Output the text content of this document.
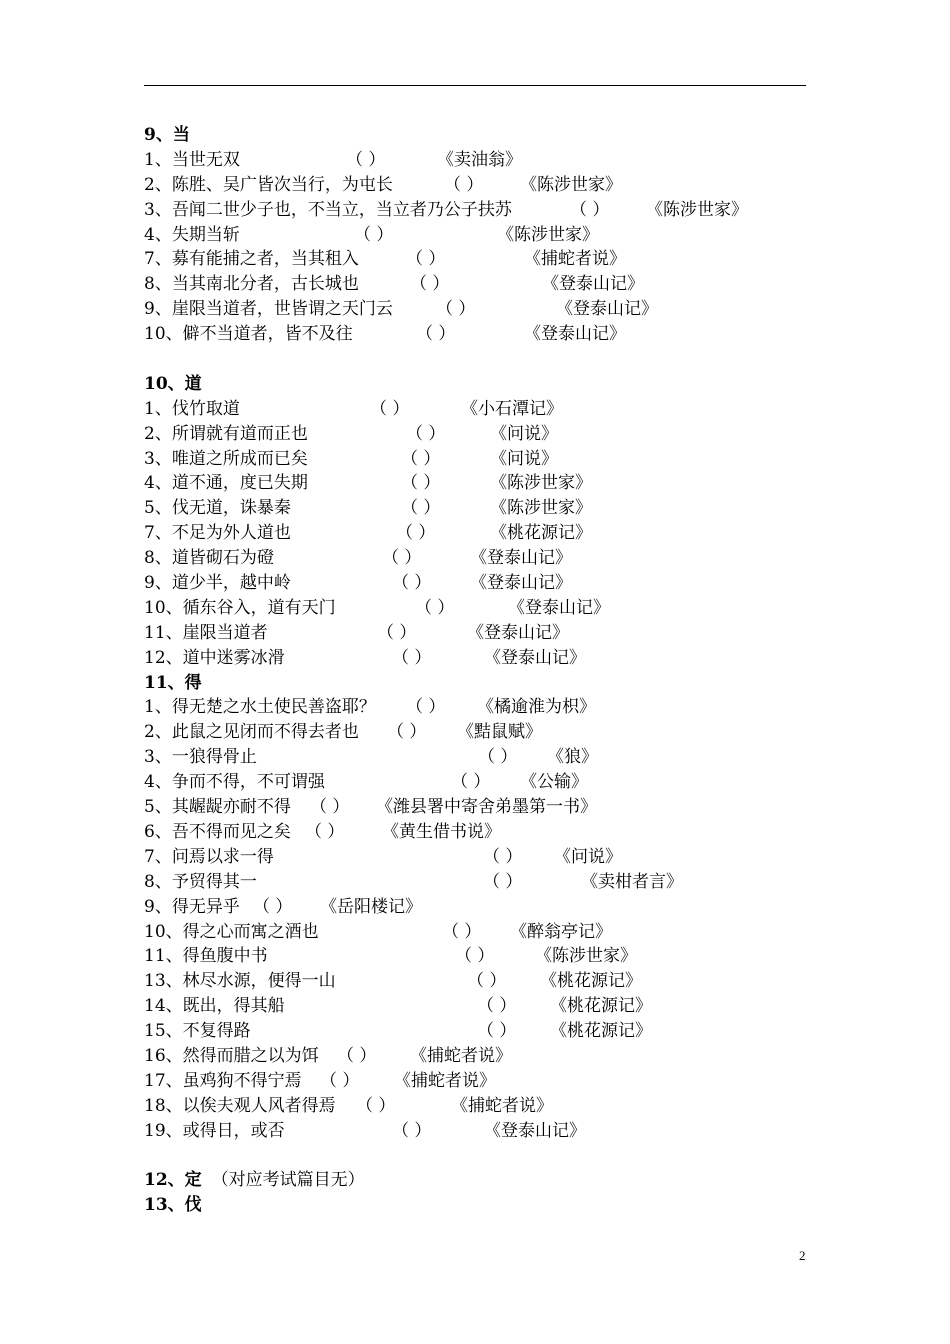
9、当
1、当世无双	（ ）	《卖油翁》
2、陈胜、吴广皆次当行，为屯长	（ ） 《陈涉世家》
3、吾闻二世少子也，不当立，当立者乃公子扶苏	（ ） 《陈涉世家》
4、失期当斩	（ ）	《陈涉世家》
7、募有能捕之者，当其租入	（ ）	《捕蛇者说》
8、当其南北分者，古长城也	（ ）	《登泰山记》
9、崖限当道者，世皆谓之天门云	（ ）	《登泰山记》
10、僻不当道者，皆不及往	（ ）	《登泰山记》
10、道
1、伐竹取道	（ ）	《小石潭记》
2、所谓就有道而正也	（ ）	《问说》
3、唯道之所成而已矣	（ ）	《问说》
4、道不通，度已失期	（ ）	《陈涉世家》
5、伐无道，诛暴秦	（ ）	《陈涉世家》
7、不足为外人道也	（ ）	《桃花源记》
8、道皆砌石为磴	（ ）	《登泰山记》
9、道少半，越中岭	（ ） 《登泰山记》
10、循东谷入，道有天门	（ ）	《登泰山记》
11、崖限当道者	（ ）	《登泰山记》
12、道中迷雾冰滑	（ ）	《登泰山记》
11、得
1、得无楚之水土使民善盗耶？ （ ） 《橘逾淮为枳》
2、此鼠之见闭而不得去者也 （ ） 《黠鼠赋》
3、一狼得骨止	（ ） 《狼》
4、争而不得，不可谓强	（ ） 《公输》
5、其龌龊亦耐不得 （ ） 《潍县署中寄舍弟墨第一书》
6、吾不得而见之矣 （ ） 《黄生借书说》
7、问焉以求一得	（ ） 《问说》
8、予贸得其一	（ ）	《卖柑者言》
9、得无异乎 （ ） 《岳阳楼记》
10、得之心而寓之酒也	（ ） 《醉翁亭记》
11、得鱼腹中书	（ ） 《陈涉世家》
13、林尽水源，便得一山	（ ） 《桃花源记》
14、既出，得其船	（ ） 《桃花源记》
15、不复得路	（ ） 《桃花源记》
16、然得而腊之以为饵 （ ） 《捕蛇者说》
17、虽鸡狗不得宁焉 （ ） 《捕蛇者说》
18、以俟夫观人风者得焉 （ ）	《捕蛇者说》
19、或得日，或否	（ ）	《登泰山记》
12、定 （对应考试篇目无）
13、伐
2
